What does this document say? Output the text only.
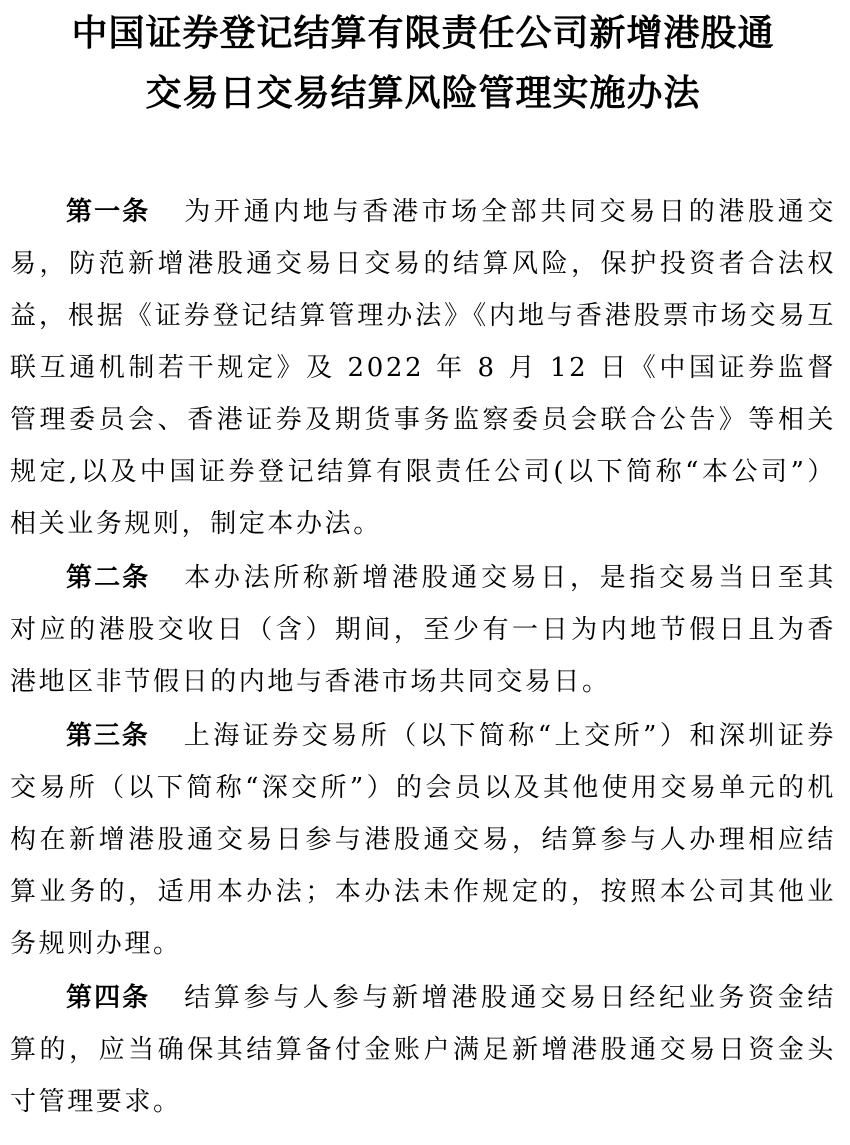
中国证券登记结算有限责任公司新增港股通
交易日交易结算风险管理实施办法

第一条 为开通内地与香港市场全部共同交易日的港股通交易，防范新增港股通交易日交易的结算风险，保护投资者合法权益，根据《证券登记结算管理办法》《内地与香港股票市场交易互联互通机制若干规定》及 2022 年 8 月 12 日《中国证券监督管理委员会、香港证券及期货事务监察委员会联合公告》等相关规定,以及中国证券登记结算有限责任公司(以下简称“本公司”）相关业务规则，制定本办法。

第二条 本办法所称新增港股通交易日，是指交易当日至其对应的港股交收日（含）期间，至少有一日为内地节假日且为香港地区非节假日的内地与香港市场共同交易日。

第三条 上海证券交易所（以下简称“上交所”）和深圳证券交易所（以下简称“深交所”）的会员以及其他使用交易单元的机构在新增港股通交易日参与港股通交易，结算参与人办理相应结算业务的，适用本办法；本办法未作规定的，按照本公司其他业务规则办理。

第四条 结算参与人参与新增港股通交易日经纪业务资金结算的，应当确保其结算备付金账户满足新增港股通交易日资金头寸管理要求。
